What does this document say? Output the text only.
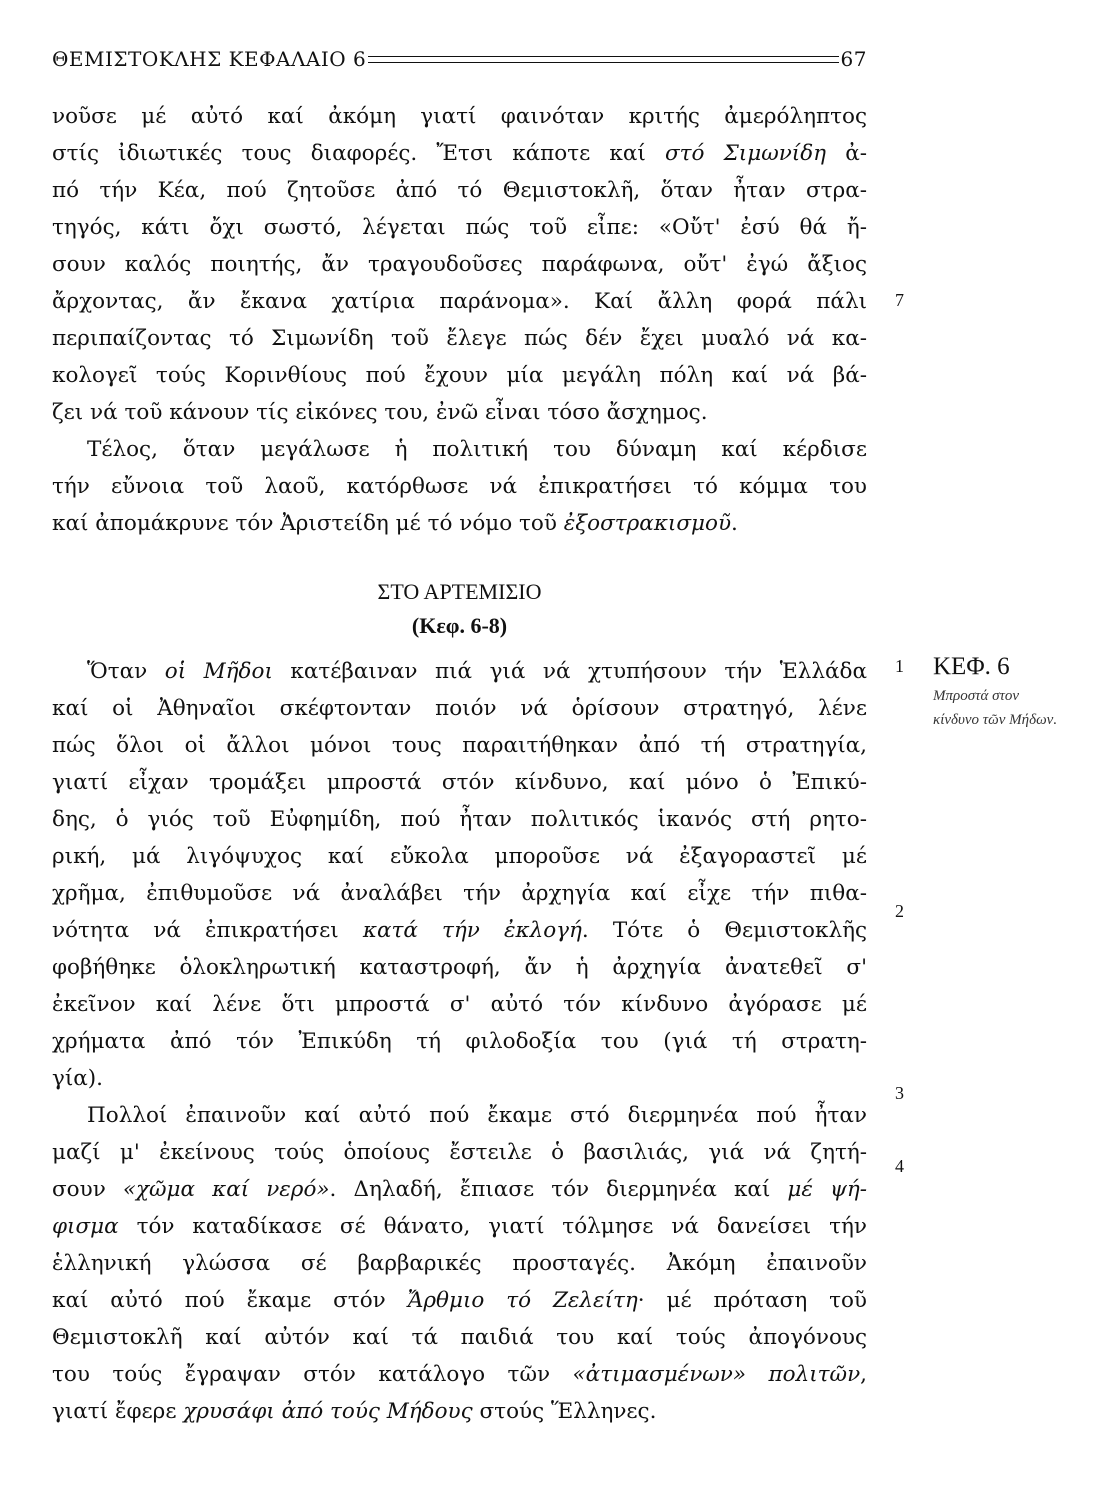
ΘΕΜΙΣΤΟΚΛΗΣ ΚΕΦΑΛΑΙΟ 6	67
νοῦσε μέ αὐτό καί ἀκόμη γιατί φαινόταν κριτής ἀμερόληπτος
στίς ἰδιωτικές τους διαφορές. Ἔτσι κάποτε καί στό Σιμωνίδη ἀ-
πό τήν Κέα, πού ζητοῦσε ἀπό τό Θεμιστοκλῆ, ὅταν ἦταν στρα-
τηγός, κάτι ὄχι σωστό, λέγεται πώς τοῦ εἶπε: «Οὔτ' ἐσύ θά ἤ-
σουν καλός ποιητής, ἄν τραγουδοῦσες παράφωνα, οὔτ' ἐγώ ἄξιος
ἄρχοντας, ἄν ἔκανα χατίρια παράνομα». Καί ἄλλη φορά πάλι
περιπαίζοντας τό Σιμωνίδη τοῦ ἔλεγε πώς δέν ἔχει μυαλό νά κα-
κολογεῖ τούς Κορινθίους πού ἔχουν μία μεγάλη πόλη καί νά βά-
ζει νά τοῦ κάνουν τίς εἰκόνες του, ἐνῶ εἶναι τόσο ἄσχημος.
Τέλος, ὅταν μεγάλωσε ἡ πολιτική του δύναμη καί κέρδισε
τήν εὔνοια τοῦ λαοῦ, κατόρθωσε νά ἐπικρατήσει τό κόμμα του
καί ἀπομάκρυνε τόν Ἀριστείδη μέ τό νόμο τοῦ ἐξοστρακισμοῦ.
ΣΤΟ ΑΡΤΕΜΙΣΙΟ
(Κεφ. 6-8)
Ὅταν οἱ Μῆδοι κατέβαιναν πιά γιά νά χτυπήσουν τήν Ἑλλάδα
καί οἱ Ἀθηναῖοι σκέφτονταν ποιόν νά ὁρίσουν στρατηγό, λένε
πώς ὅλοι οἱ ἄλλοι μόνοι τους παραιτήθηκαν ἀπό τή στρατηγία,
γιατί εἶχαν τρομάξει μπροστά στόν κίνδυνο, καί μόνο ὁ Ἐπικύ-
δης, ὁ γιός τοῦ Εὐφημίδη, πού ἦταν πολιτικός ἱκανός στή ρητο-
ρική, μά λιγόψυχος καί εὔκολα μποροῦσε νά ἐξαγοραστεῖ μέ
χρῆμα, ἐπιθυμοῦσε νά ἀναλάβει τήν ἀρχηγία καί εἶχε τήν πιθα-
νότητα νά ἐπικρατήσει κατά τήν ἐκλογή. Τότε ὁ Θεμιστοκλῆς
φοβήθηκε ὁλοκληρωτική καταστροφή, ἄν ἡ ἀρχηγία ἀνατεθεῖ σ'
ἐκεῖνον καί λένε ὅτι μπροστά σ' αὐτό τόν κίνδυνο ἀγόρασε μέ
χρήματα ἀπό τόν Ἐπικύδη τή φιλοδοξία του (γιά τή στρατη-
γία).
Πολλοί ἐπαινοῦν καί αὐτό πού ἔκαμε στό διερμηνέα πού ἦταν
μαζί μ' ἐκείνους τούς ὁποίους ἔστειλε ὁ βασιλιάς, γιά νά ζητή-
σουν «χῶμα καί νερό». Δηλαδή, ἔπιασε τόν διερμηνέα καί μέ ψή-
φισμα τόν καταδίκασε σέ θάνατο, γιατί τόλμησε νά δανείσει τήν
ἑλληνική γλώσσα σέ βαρβαρικές προσταγές. Ἀκόμη ἐπαινοῦν
καί αὐτό πού ἔκαμε στόν Ἄρθμιο τό Ζελείτη· μέ πρόταση τοῦ
Θεμιστοκλῆ καί αὐτόν καί τά παιδιά του καί τούς ἀπογόνους
του τούς ἔγραψαν στόν κατάλογο τῶν «ἀτιμασμένων» πολιτῶν,
γιατί ἔφερε χρυσάφι ἀπό τούς Μήδους στούς Ἕλληνες.
7
1
2
3
4
ΚΕΦ. 6
Μπροστά στον κίνδυνο τῶν Μήδων.
